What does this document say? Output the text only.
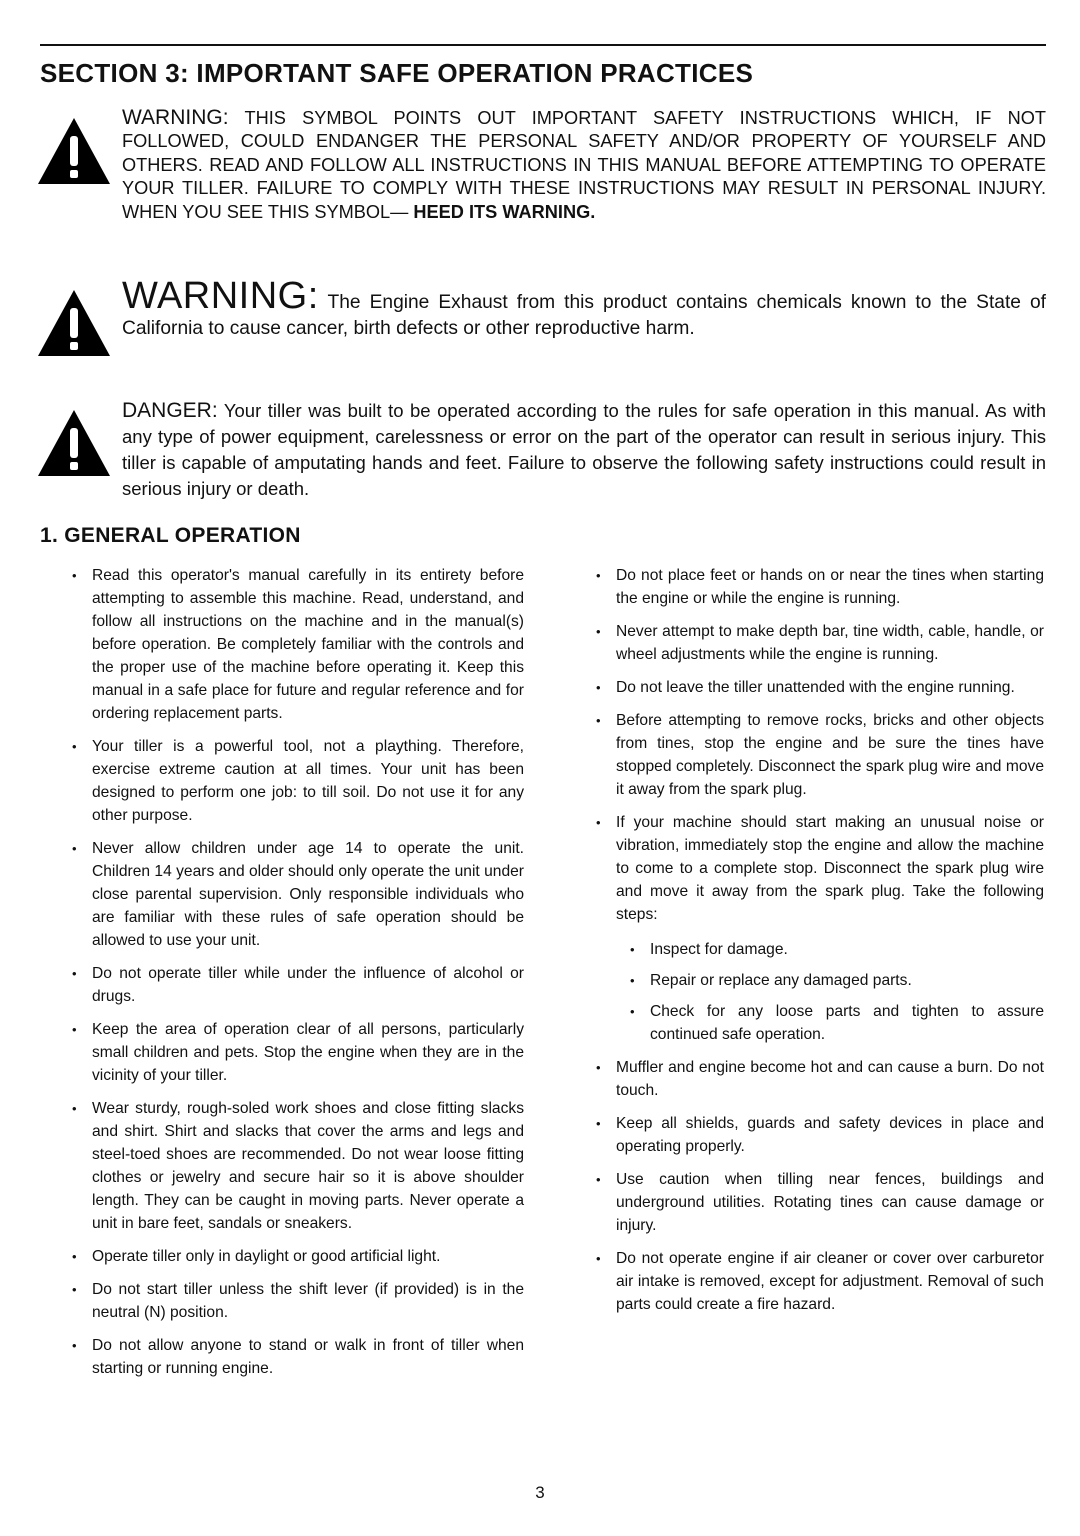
SECTION 3: IMPORTANT SAFE OPERATION PRACTICES
WARNING: THIS SYMBOL POINTS OUT IMPORTANT SAFETY INSTRUCTIONS WHICH, IF NOT FOLLOWED, COULD ENDANGER THE PERSONAL SAFETY AND/OR PROPERTY OF YOURSELF AND OTHERS. READ AND FOLLOW ALL INSTRUCTIONS IN THIS MANUAL BEFORE ATTEMPTING TO OPERATE YOUR TILLER. FAILURE TO COMPLY WITH THESE INSTRUCTIONS MAY RESULT IN PERSONAL INJURY. WHEN YOU SEE THIS SYMBOL— HEED ITS WARNING.
WARNING: The Engine Exhaust from this product contains chemicals known to the State of California to cause cancer, birth defects or other reproductive harm.
DANGER: Your tiller was built to be operated according to the rules for safe operation in this manual. As with any type of power equipment, carelessness or error on the part of the operator can result in serious injury. This tiller is capable of amputating hands and feet. Failure to observe the following safety instructions could result in serious injury or death.
1. GENERAL OPERATION
• Read this operator's manual carefully in its entirety before attempting to assemble this machine. Read, understand, and follow all instructions on the machine and in the manual(s) before operation. Be completely familiar with the controls and the proper use of the machine before operating it. Keep this manual in a safe place for future and regular reference and for ordering replacement parts.
• Your tiller is a powerful tool, not a plaything. Therefore, exercise extreme caution at all times. Your unit has been designed to perform one job: to till soil. Do not use it for any other purpose.
• Never allow children under age 14 to operate the unit. Children 14 years and older should only operate the unit under close parental supervision. Only responsible individuals who are familiar with these rules of safe operation should be allowed to use your unit.
• Do not operate tiller while under the influence of alcohol or drugs.
• Keep the area of operation clear of all persons, particularly small children and pets. Stop the engine when they are in the vicinity of your tiller.
• Wear sturdy, rough-soled work shoes and close fitting slacks and shirt. Shirt and slacks that cover the arms and legs and steel-toed shoes are recommended. Do not wear loose fitting clothes or jewelry and secure hair so it is above shoulder length. They can be caught in moving parts. Never operate a unit in bare feet, sandals or sneakers.
• Operate tiller only in daylight or good artificial light.
• Do not start tiller unless the shift lever (if provided) is in the neutral (N) position.
• Do not allow anyone to stand or walk in front of tiller when starting or running engine.
• Do not place feet or hands on or near the tines when starting the engine or while the engine is running.
• Never attempt to make depth bar, tine width, cable, handle, or wheel adjustments while the engine is running.
• Do not leave the tiller unattended with the engine running.
• Before attempting to remove rocks, bricks and other objects from tines, stop the engine and be sure the tines have stopped completely. Disconnect the spark plug wire and move it away from the spark plug.
• If your machine should start making an unusual noise or vibration, immediately stop the engine and allow the machine to come to a complete stop. Disconnect the spark plug wire and move it away from the spark plug. Take the following steps:
• Inspect for damage.
• Repair or replace any damaged parts.
• Check for any loose parts and tighten to assure continued safe operation.
• Muffler and engine become hot and can cause a burn. Do not touch.
• Keep all shields, guards and safety devices in place and operating properly.
• Use caution when tilling near fences, buildings and underground utilities. Rotating tines can cause damage or injury.
• Do not operate engine if air cleaner or cover over carburetor air intake is removed, except for adjustment. Removal of such parts could create a fire hazard.
3
